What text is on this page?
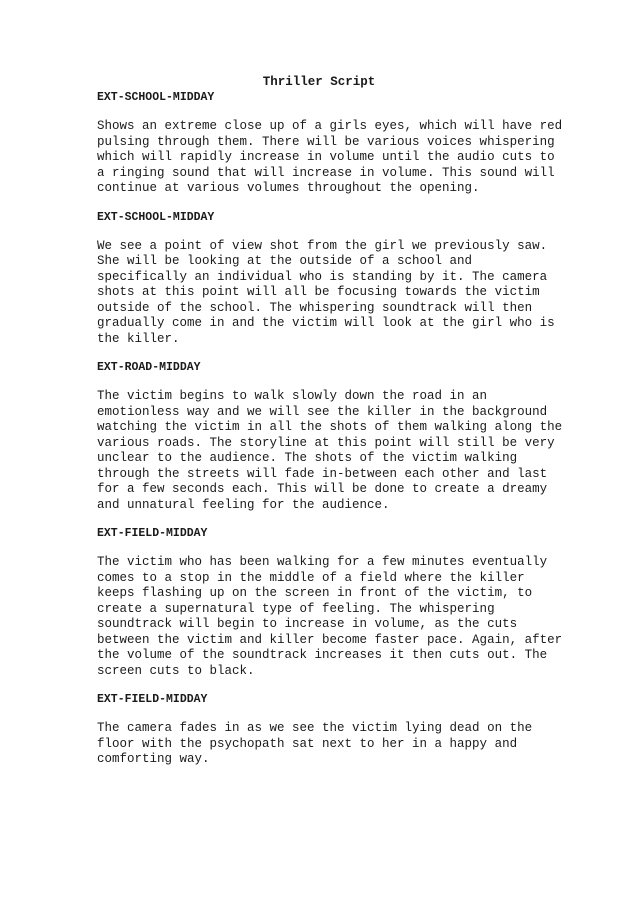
Thriller Script
EXT-SCHOOL-MIDDAY
Shows an extreme close up of a girls eyes, which will have red
pulsing through them. There will be various voices whispering
which will rapidly increase in volume until the audio cuts to
a ringing sound that will increase in volume. This sound will
continue at various volumes throughout the opening.
EXT-SCHOOL-MIDDAY
We see a point of view shot from the girl we previously saw.
She will be looking at the outside of a school and
specifically an individual who is standing by it. The camera
shots at this point will all be focusing towards the victim
outside of the school. The whispering soundtrack will then
gradually come in and the victim will look at the girl who is
the killer.
EXT-ROAD-MIDDAY
The victim begins to walk slowly down the road in an
emotionless way and we will see the killer in the background
watching the victim in all the shots of them walking along the
various roads. The storyline at this point will still be very
unclear to the audience. The shots of the victim walking
through the streets will fade in-between each other and last
for a few seconds each. This will be done to create a dreamy
and unnatural feeling for the audience.
EXT-FIELD-MIDDAY
The victim who has been walking for a few minutes eventually
comes to a stop in the middle of a field where the killer
keeps flashing up on the screen in front of the victim, to
create a supernatural type of feeling. The whispering
soundtrack will begin to increase in volume, as the cuts
between the victim and killer become faster pace. Again, after
the volume of the soundtrack increases it then cuts out. The
screen cuts to black.
EXT-FIELD-MIDDAY
The camera fades in as we see the victim lying dead on the
floor with the psychopath sat next to her in a happy and
comforting way.
